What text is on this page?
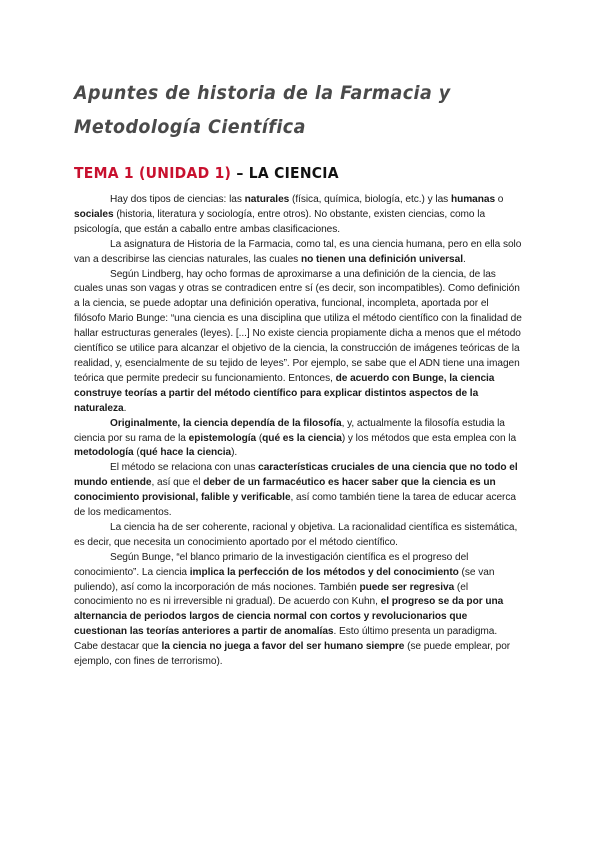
Apuntes de historia de la Farmacia y
Metodología Científica
TEMA 1 (UNIDAD 1) – LA CIENCIA

Hay dos tipos de ciencias: las naturales (física, química, biología, etc.) y las humanas o sociales (historia, literatura y sociología, entre otros). No obstante, existen ciencias, como la psicología, que están a caballo entre ambas clasificaciones.

La asignatura de Historia de la Farmacia, como tal, es una ciencia humana, pero en ella solo van a describirse las ciencias naturales, las cuales no tienen una definición universal.

Según Lindberg, hay ocho formas de aproximarse a una definición de la ciencia, de las cuales unas son vagas y otras se contradicen entre sí (es decir, son incompatibles). Como definición a la ciencia, se puede adoptar una definición operativa, funcional, incompleta, aportada por el filósofo Mario Bunge: “una ciencia es una disciplina que utiliza el método científico con la finalidad de hallar estructuras generales (leyes). [...] No existe ciencia propiamente dicha a menos que el método científico se utilice para alcanzar el objetivo de la ciencia, la construcción de imágenes teóricas de la realidad, y, esencialmente de su tejido de leyes”. Por ejemplo, se sabe que el ADN tiene una imagen teórica que permite predecir su funcionamiento. Entonces, de acuerdo con Bunge, la ciencia construye teorías a partir del método científico para explicar distintos aspectos de la naturaleza.

Originalmente, la ciencia dependía de la filosofía, y, actualmente la filosofía estudia la ciencia por su rama de la epistemología (qué es la ciencia) y los métodos que esta emplea con la metodología (qué hace la ciencia).

El método se relaciona con unas características cruciales de una ciencia que no todo el mundo entiende, así que el deber de un farmacéutico es hacer saber que la ciencia es un conocimiento provisional, falible y verificable, así como también tiene la tarea de educar acerca de los medicamentos.

La ciencia ha de ser coherente, racional y objetiva. La racionalidad científica es sistemática, es decir, que necesita un conocimiento aportado por el método científico.

Según Bunge, “el blanco primario de la investigación científica es el progreso del conocimiento”. La ciencia implica la perfección de los métodos y del conocimiento (se van puliendo), así como la incorporación de más nociones. También puede ser regresiva (el conocimiento no es ni irreversible ni gradual). De acuerdo con Kuhn, el progreso se da por una alternancia de periodos largos de ciencia normal con cortos y revolucionarios que cuestionan las teorías anteriores a partir de anomalías. Esto último presenta un paradigma. Cabe destacar que la ciencia no juega a favor del ser humano siempre (se puede emplear, por ejemplo, con fines de terrorismo).
